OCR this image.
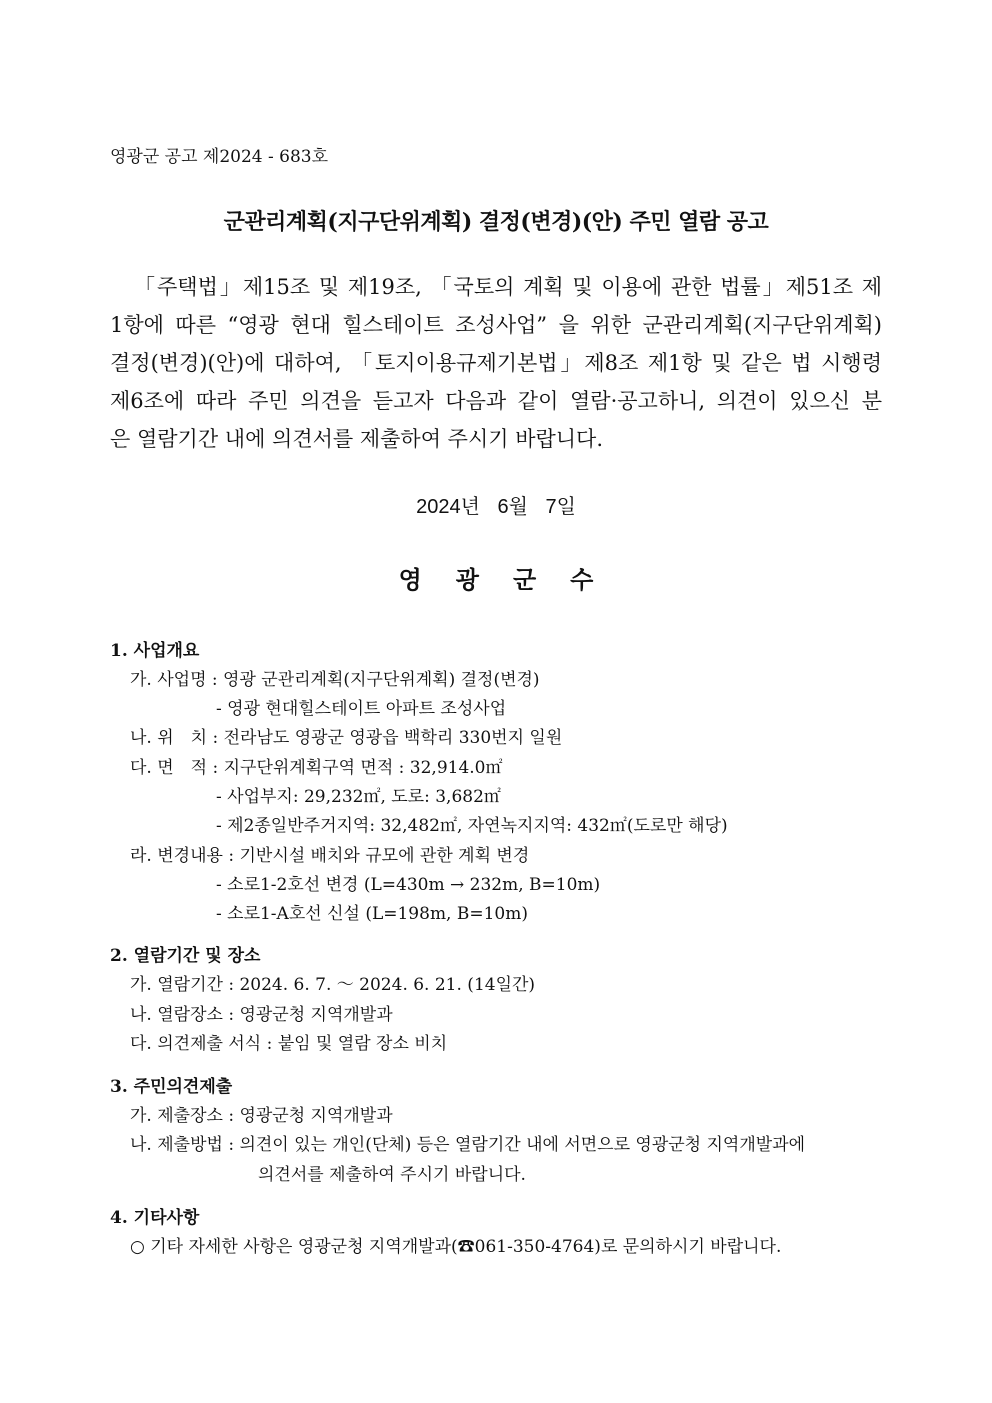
영광군 공고 제2024 - 683호
군관리계획(지구단위계획) 결정(변경)(안) 주민 열람 공고
「주택법」제15조 및 제19조, 「국토의 계획 및 이용에 관한 법률」제51조 제
1항에 따른 “영광 현대 힐스테이트 조성사업” 을 위한 군관리계획(지구단위계획)
결정(변경)(안)에 대하여, 「토지이용규제기본법」제8조 제1항 및 같은 법 시행령
제6조에 따라 주민 의견을 듣고자 다음과 같이 열람·공고하니, 의견이 있으신 분
은 열람기간 내에 의견서를 제출하여 주시기 바랍니다.
2024년 6월 7일
영광군수
1. 사업개요
가. 사업명 : 영광 군관리계획(지구단위계획) 결정(변경)
- 영광 현대힐스테이트 아파트 조성사업
나. 위　치 : 전라남도 영광군 영광읍 백학리 330번지 일원
다. 면　적 : 지구단위계획구역 면적 : 32,914.0㎡
- 사업부지: 29,232㎡, 도로: 3,682㎡
- 제2종일반주거지역: 32,482㎡, 자연녹지지역: 432㎡(도로만 해당)
라. 변경내용 : 기반시설 배치와 규모에 관한 계획 변경
- 소로1-2호선 변경 (L=430m → 232m, B=10m)
- 소로1-A호선 신설 (L=198m, B=10m)
2. 열람기간 및 장소
가. 열람기간 : 2024. 6. 7. ～ 2024. 6. 21. (14일간)
나. 열람장소 : 영광군청 지역개발과
다. 의견제출 서식 : 붙임 및 열람 장소 비치
3. 주민의견제출
가. 제출장소 : 영광군청 지역개발과
나. 제출방법 : 의견이 있는 개인(단체) 등은 열람기간 내에 서면으로 영광군청 지역개발과에
의견서를 제출하여 주시기 바랍니다.
4. 기타사항
○ 기타 자세한 사항은 영광군청 지역개발과(☎061-350-4764)로 문의하시기 바랍니다.
